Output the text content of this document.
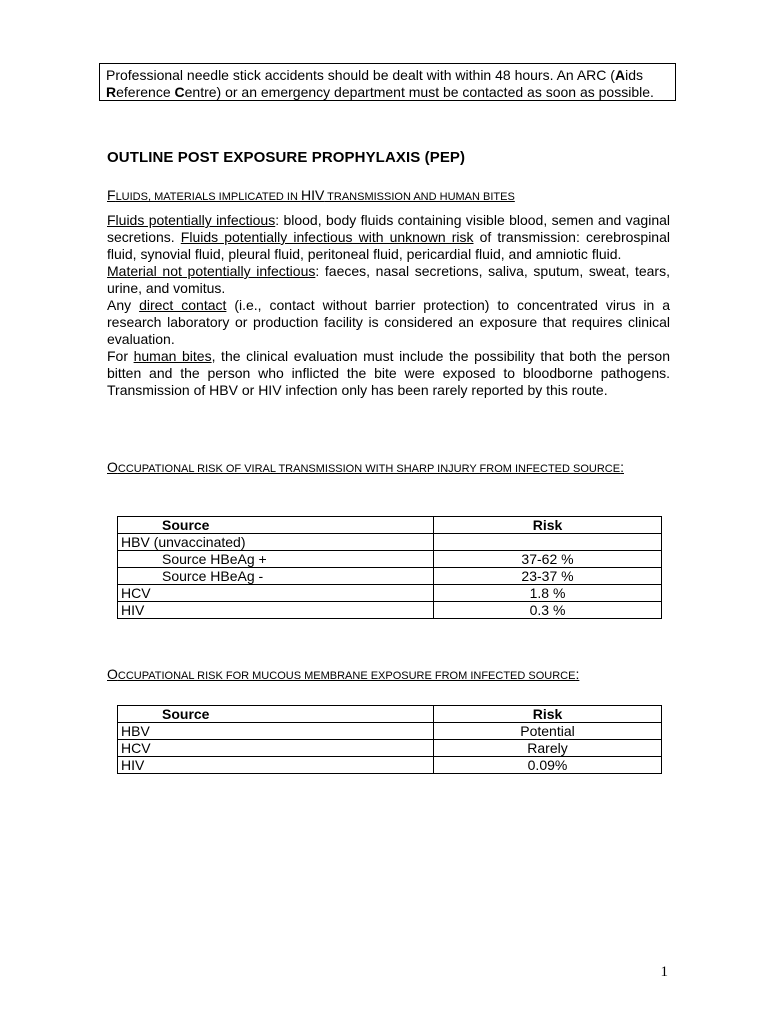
Professional needle stick accidents should be dealt with within 48 hours. An ARC (Aids Reference Centre) or an emergency department must be contacted as soon as possible.
OUTLINE POST EXPOSURE PROPHYLAXIS (PEP)
FLUIDS, MATERIALS IMPLICATED IN HIV TRANSMISSION AND HUMAN BITES

Fluids potentially infectious: blood, body fluids containing visible blood, semen and vaginal secretions. Fluids potentially infectious with unknown risk of transmission: cerebrospinal fluid, synovial fluid, pleural fluid, peritoneal fluid, pericardial fluid, and amniotic fluid.

Material not potentially infectious: faeces, nasal secretions, saliva, sputum, sweat, tears, urine, and vomitus.

Any direct contact (i.e., contact without barrier protection) to concentrated virus in a research laboratory or production facility is considered an exposure that requires clinical evaluation.

For human bites, the clinical evaluation must include the possibility that both the person bitten and the person who inflicted the bite were exposed to bloodborne pathogens. Transmission of HBV or HIV infection only has been rarely reported by this route.

OCCUPATIONAL RISK OF VIRAL TRANSMISSION WITH SHARP INJURY FROM INFECTED SOURCE:
Source	Risk
HBV (unvaccinated)	
Source HBeAg +	37-62 %
Source HBeAg -	23-37 %
HCV	1.8 %
HIV	0.3 %
OCCUPATIONAL RISK FOR MUCOUS MEMBRANE EXPOSURE FROM INFECTED SOURCE:
Source	Risk
HBV	Potential
HCV	Rarely
HIV	0.09%
1
